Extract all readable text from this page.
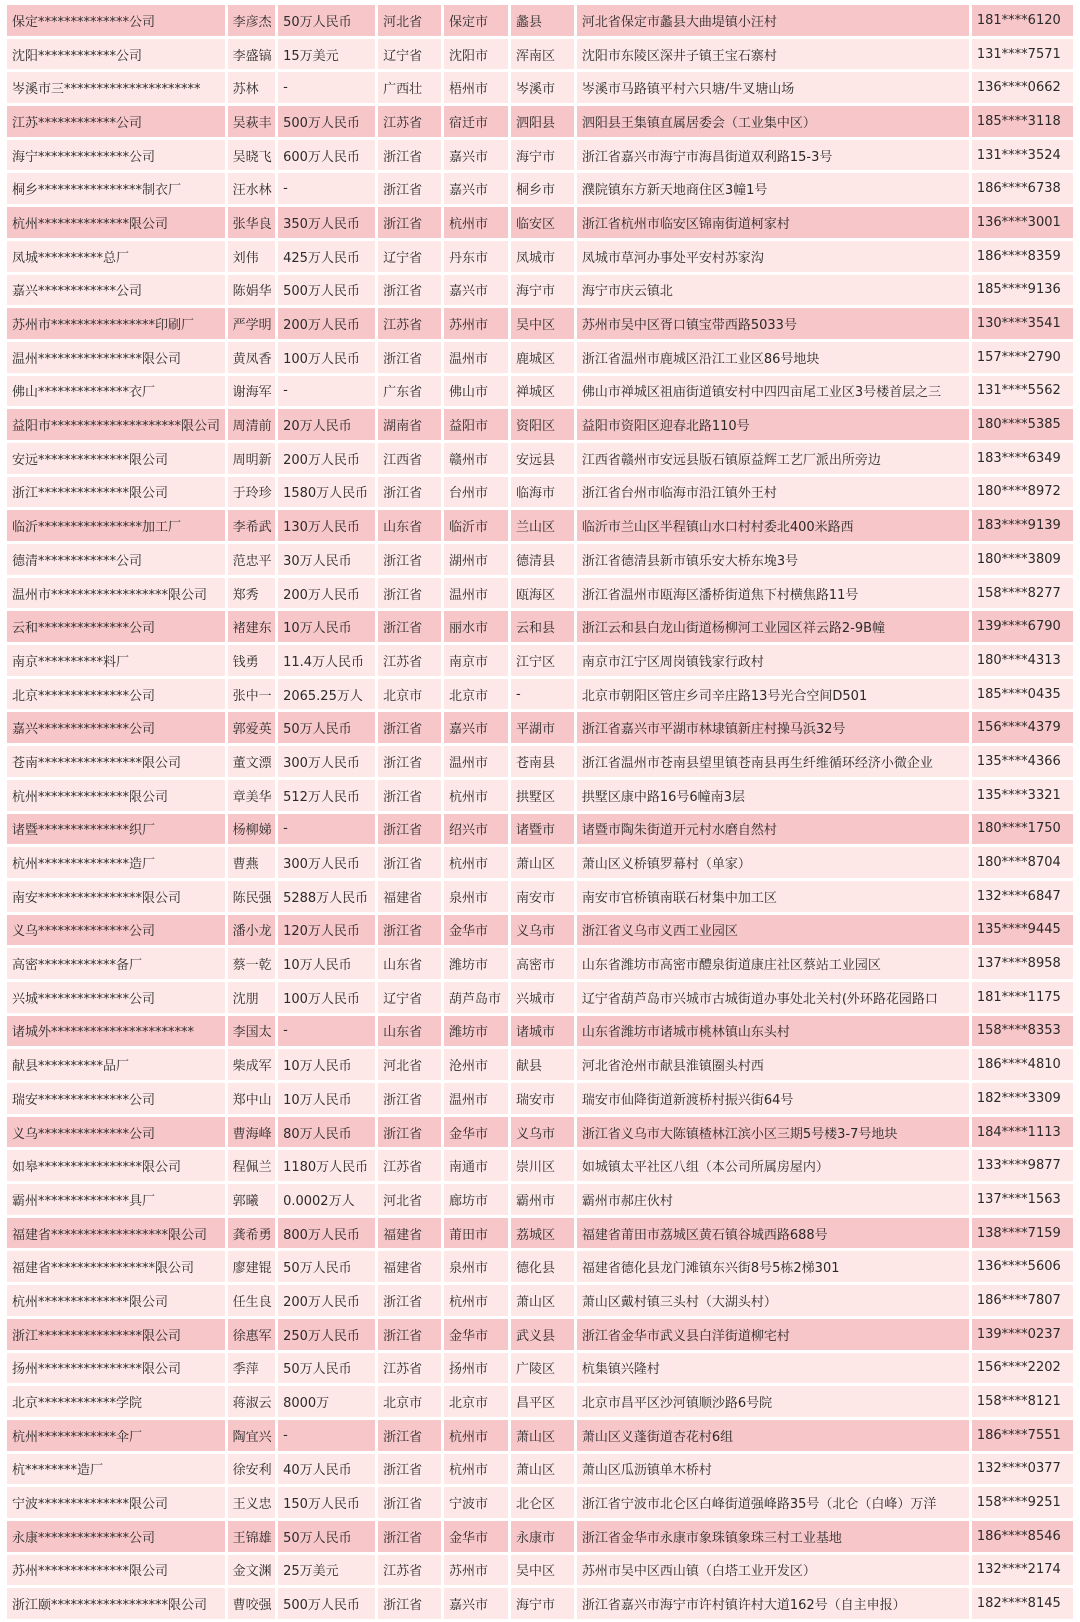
保定**************公司	李彦杰	50万人民币	河北省	保定市	蠡县	河北省保定市蠡县大曲堤镇小汪村	181****6120
沈阳************公司	李盛镐	15万美元	辽宁省	沈阳市	浑南区	沈阳市东陵区深井子镇王宝石寨村	131****7571
岑溪市三*********************	苏林	-	广西壮	梧州市	岑溪市	岑溪市马路镇平村六只塘/牛叉塘山场	136****0662
江苏************公司	吴萩丰	500万人民币	江苏省	宿迁市	泗阳县	泗阳县王集镇直属居委会（工业集中区）	185****3118
海宁**************公司	吴晓飞	600万人民币	浙江省	嘉兴市	海宁市	浙江省嘉兴市海宁市海昌街道双利路15-3号	131****3524
桐乡****************制衣厂	汪水林	-	浙江省	嘉兴市	桐乡市	濮院镇东方新天地商住区3幢1号	186****6738
杭州**************限公司	张华良	350万人民币	浙江省	杭州市	临安区	浙江省杭州市临安区锦南街道柯家村	136****3001
凤城**********总厂	刘伟	425万人民币	辽宁省	丹东市	凤城市	凤城市草河办事处平安村苏家沟	186****8359
嘉兴************公司	陈娟华	500万人民币	浙江省	嘉兴市	海宁市	海宁市庆云镇北	185****9136
苏州市****************印刷厂	严学明	200万人民币	江苏省	苏州市	吴中区	苏州市吴中区胥口镇宝带西路5033号	130****3541
温州****************限公司	黄凤香	100万人民币	浙江省	温州市	鹿城区	浙江省温州市鹿城区沿江工业区86号地块	157****2790
佛山**************衣厂	谢海军	-	广东省	佛山市	禅城区	佛山市禅城区祖庙街道镇安村中四四亩尾工业区3号楼首层之三	131****5562
益阳市********************限公司	周清前	20万人民币	湖南省	益阳市	资阳区	益阳市资阳区迎春北路110号	180****5385
安远**************限公司	周明新	200万人民币	江西省	赣州市	安远县	江西省赣州市安远县版石镇原益辉工艺厂派出所旁边	183****6349
浙江**************限公司	于玲珍	1580万人民币	浙江省	台州市	临海市	浙江省台州市临海市沿江镇外王村	180****8972
临沂****************加工厂	李希武	130万人民币	山东省	临沂市	兰山区	临沂市兰山区半程镇山水口村村委北400米路西	183****9139
德清************公司	范忠平	30万人民币	浙江省	湖州市	德清县	浙江省德清县新市镇乐安大桥东堍3号	180****3809
温州市******************限公司	郑秀	200万人民币	浙江省	温州市	瓯海区	浙江省温州市瓯海区潘桥街道焦下村横焦路11号	158****8277
云和**************公司	褚建东	10万人民币	浙江省	丽水市	云和县	浙江云和县白龙山街道杨柳河工业园区祥云路2-9B幢	139****6790
南京**********料厂	钱勇	11.4万人民币	江苏省	南京市	江宁区	南京市江宁区周岗镇钱家行政村	180****4313
北京**************公司	张中一	2065.25万人	北京市	北京市	-	北京市朝阳区管庄乡司辛庄路13号光合空间D501	185****0435
嘉兴**************公司	郭爱英	50万人民币	浙江省	嘉兴市	平湖市	浙江省嘉兴市平湖市林埭镇新庄村操马浜32号	156****4379
苍南****************限公司	董文漂	300万人民币	浙江省	温州市	苍南县	浙江省温州市苍南县望里镇苍南县再生纤维循环经济小微企业	135****4366
杭州**************限公司	章美华	512万人民币	浙江省	杭州市	拱墅区	拱墅区康中路16号6幢南3层	135****3321
诸暨**************织厂	杨柳娣	-	浙江省	绍兴市	诸暨市	诸暨市陶朱街道开元村水磨自然村	180****1750
杭州**************造厂	曹燕	300万人民币	浙江省	杭州市	萧山区	萧山区义桥镇罗幕村（单家）	180****8704
南安****************限公司	陈民强	5288万人民币	福建省	泉州市	南安市	南安市官桥镇南联石材集中加工区	132****6847
义乌**************公司	潘小龙	120万人民币	浙江省	金华市	义乌市	浙江省义乌市义西工业园区	135****9445
高密************备厂	蔡一乾	10万人民币	山东省	潍坊市	高密市	山东省潍坊市高密市醴泉街道康庄社区蔡站工业园区	137****8958
兴城**************公司	沈朋	100万人民币	辽宁省	葫芦岛市	兴城市	辽宁省葫芦岛市兴城市古城街道办事处北关村(外环路花园路口	181****1175
诸城外**********************	李国太	-	山东省	潍坊市	诸城市	山东省潍坊市诸城市桃林镇山东头村	158****8353
献县**********品厂	柴成军	10万人民币	河北省	沧州市	献县	河北省沧州市献县淮镇圈头村西	186****4810
瑞安**************公司	郑中山	10万人民币	浙江省	温州市	瑞安市	瑞安市仙降街道新渡桥村振兴街64号	182****3309
义乌**************公司	曹海峰	80万人民币	浙江省	金华市	义乌市	浙江省义乌市大陈镇楂林江滨小区三期5号楼3-7号地块	184****1113
如皋****************限公司	程佩兰	1180万人民币	江苏省	南通市	崇川区	如城镇太平社区八组（本公司所属房屋内）	133****9877
霸州**************具厂	郭曦	0.0002万人	河北省	廊坊市	霸州市	霸州市郝庄伙村	137****1563
福建省******************限公司	龚希勇	800万人民币	福建省	莆田市	荔城区	福建省莆田市荔城区黄石镇谷城西路688号	138****7159
福建省****************限公司	廖建锟	50万人民币	福建省	泉州市	德化县	福建省德化县龙门滩镇东兴街8号5栋2梯301	136****5606
杭州**************限公司	任生良	200万人民币	浙江省	杭州市	萧山区	萧山区戴村镇三头村（大湖头村）	186****7807
浙江****************限公司	徐惠军	250万人民币	浙江省	金华市	武义县	浙江省金华市武义县白洋街道柳宅村	139****0237
扬州****************限公司	季萍	50万人民币	江苏省	扬州市	广陵区	杭集镇兴隆村	156****2202
北京************学院	蒋淑云	8000万	北京市	北京市	昌平区	北京市昌平区沙河镇顺沙路6号院	158****8121
杭州************伞厂	陶宜兴	-	浙江省	杭州市	萧山区	萧山区义蓬街道杏花村6组	186****7551
杭********造厂	徐安利	40万人民币	浙江省	杭州市	萧山区	萧山区瓜沥镇单木桥村	132****0377
宁波**************限公司	王义忠	150万人民币	浙江省	宁波市	北仑区	浙江省宁波市北仑区白峰街道强峰路35号（北仑（白峰）万洋	158****9251
永康**************公司	王锦雄	50万人民币	浙江省	金华市	永康市	浙江省金华市永康市象珠镇象珠三村工业基地	186****8546
苏州**************限公司	金文渊	25万美元	江苏省	苏州市	吴中区	苏州市吴中区西山镇（白塔工业开发区）	132****2174
浙江颐******************限公司	曹咬强	500万人民币	浙江省	嘉兴市	海宁市	浙江省嘉兴市海宁市许村镇许村大道162号（自主申报）	182****8145
